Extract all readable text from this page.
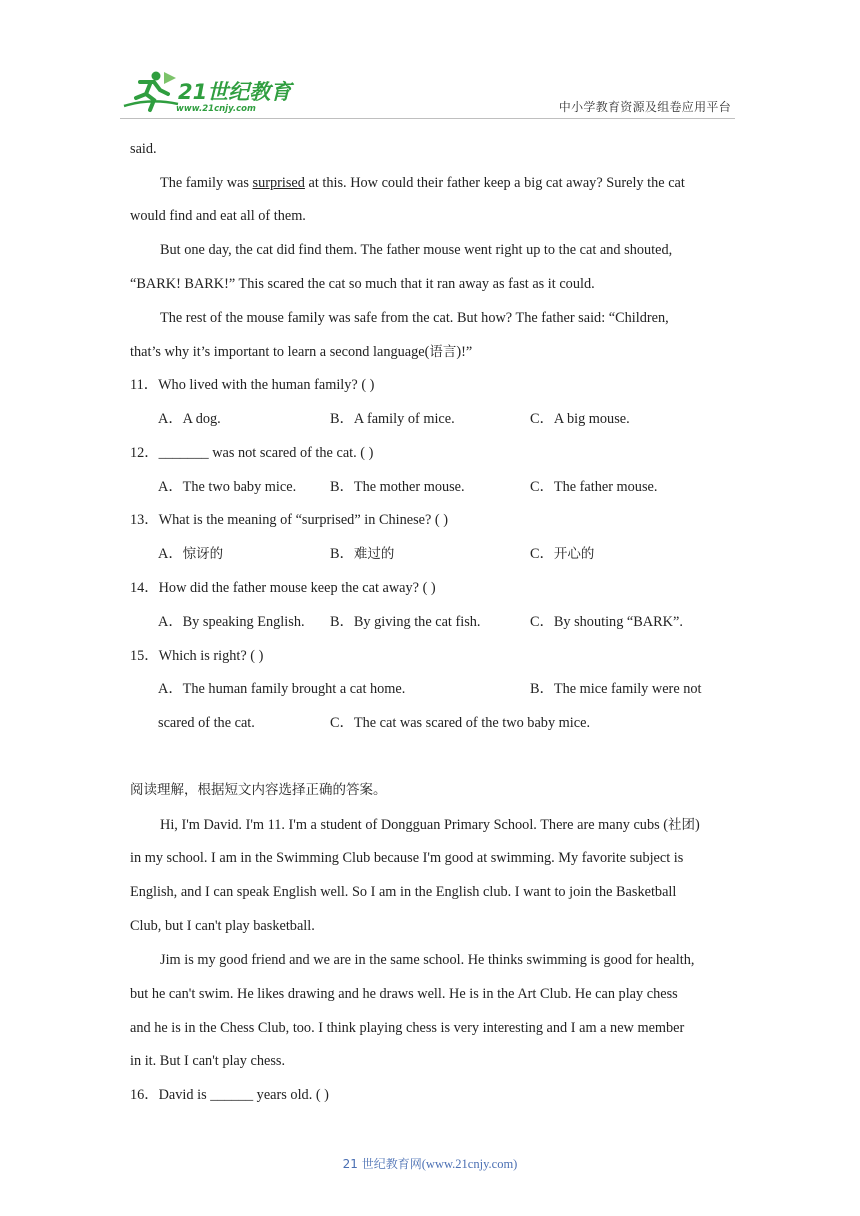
21世纪教育
www.21cnjy.com	中小学教育资源及组卷应用平台
said.
The family was surprised at this. How could their father keep a big cat away? Surely the cat
would find and eat all of them.
But one day, the cat did find them. The father mouse went right up to the cat and shouted,
“BARK! BARK!” This scared the cat so much that it ran away as fast as it could.
The rest of the mouse family was safe from the cat. But how? The father said: “Children,
that’s why it’s important to learn a second language(语言)!”
11．Who lived with the human family? ( )
A．A dog.	B．A family of mice.	C．A big mouse.
12．_______ was not scared of the cat. ( )
A．The two baby mice. B．The mother mouse.	C．The father mouse.
13．What is the meaning of “surprised” in Chinese? ( )
A．惊讶的	B．难过的	C．开心的
14．How did the father mouse keep the cat away? ( )
A．By speaking English. B．By giving the cat fish.	C．By shouting “BARK”.
15．Which is right? ( )
A．The human family brought a cat home.	B．The mice family were not
scared of the cat.	C．The cat was scared of the two baby mice.
阅读理解，根据短文内容选择正确的答案。
Hi, I'm David. I'm 11. I'm a student of Dongguan Primary School. There are many cubs (社团)
in my school. I am in the Swimming Club because I'm good at swimming. My favorite subject is
English, and I can speak English well. So I am in the English club. I want to join the Basketball
Club, but I can't play basketball.
Jim is my good friend and we are in the same school. He thinks swimming is good for health,
but he can't swim. He likes drawing and he draws well. He is in the Art Club. He can play chess
and he is in the Chess Club, too. I think playing chess is very interesting and I am a new member
in it. But I can't play chess.
16．David is ______ years old. ( )
21 世纪教育网(www.21cnjy.com)
